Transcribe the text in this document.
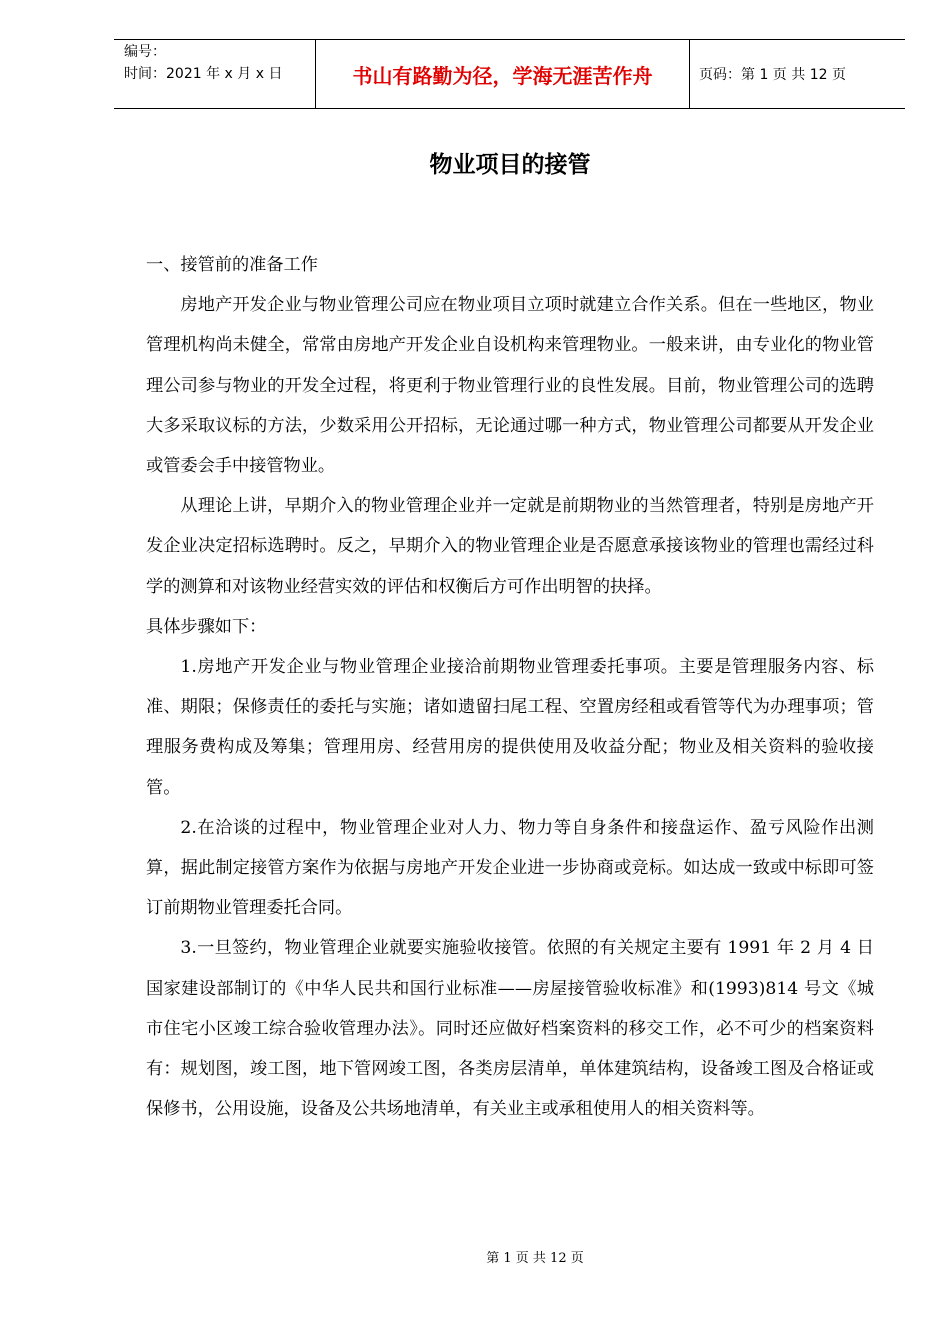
编号：
时间：2021 年 x 月 x 日	书山有路勤为径，学海无涯苦作舟	页码：第 1 页 共 12 页
物业项目的接管

一、接管前的准备工作

房地产开发企业与物业管理公司应在物业项目立项时就建立合作关系。但在一些地区，物业管理机构尚未健全，常常由房地产开发企业自设机构来管理物业。一般来讲，由专业化的物业管理公司参与物业的开发全过程，将更利于物业管理行业的良性发展。目前，物业管理公司的选聘大多采取议标的方法，少数采用公开招标，无论通过哪一种方式，物业管理公司都要从开发企业或管委会手中接管物业。

从理论上讲，早期介入的物业管理企业并一定就是前期物业的当然管理者，特别是房地产开发企业决定招标选聘时。反之，早期介入的物业管理企业是否愿意承接该物业的管理也需经过科学的测算和对该物业经营实效的评估和权衡后方可作出明智的抉择。

具体步骤如下：

1.房地产开发企业与物业管理企业接洽前期物业管理委托事项。主要是管理服务内容、标准、期限；保修责任的委托与实施；诸如遗留扫尾工程、空置房经租或看管等代为办理事项；管理服务费构成及筹集；管理用房、经营用房的提供使用及收益分配；物业及相关资料的验收接管。

2.在洽谈的过程中，物业管理企业对人力、物力等自身条件和接盘运作、盈亏风险作出测算，据此制定接管方案作为依据与房地产开发企业进一步协商或竞标。如达成一致或中标即可签订前期物业管理委托合同。

3.一旦签约，物业管理企业就要实施验收接管。依照的有关规定主要有 1991 年 2 月 4 日国家建设部制订的《中华人民共和国行业标准——房屋接管验收标准》和(1993)814 号文《城市住宅小区竣工综合验收管理办法》。同时还应做好档案资料的移交工作，必不可少的档案资料有：规划图，竣工图，地下管网竣工图，各类房层清单，单体建筑结构，设备竣工图及合格证或保修书，公用设施，设备及公共场地清单，有关业主或承租使用人的相关资料等。

第 1 页 共 12 页
